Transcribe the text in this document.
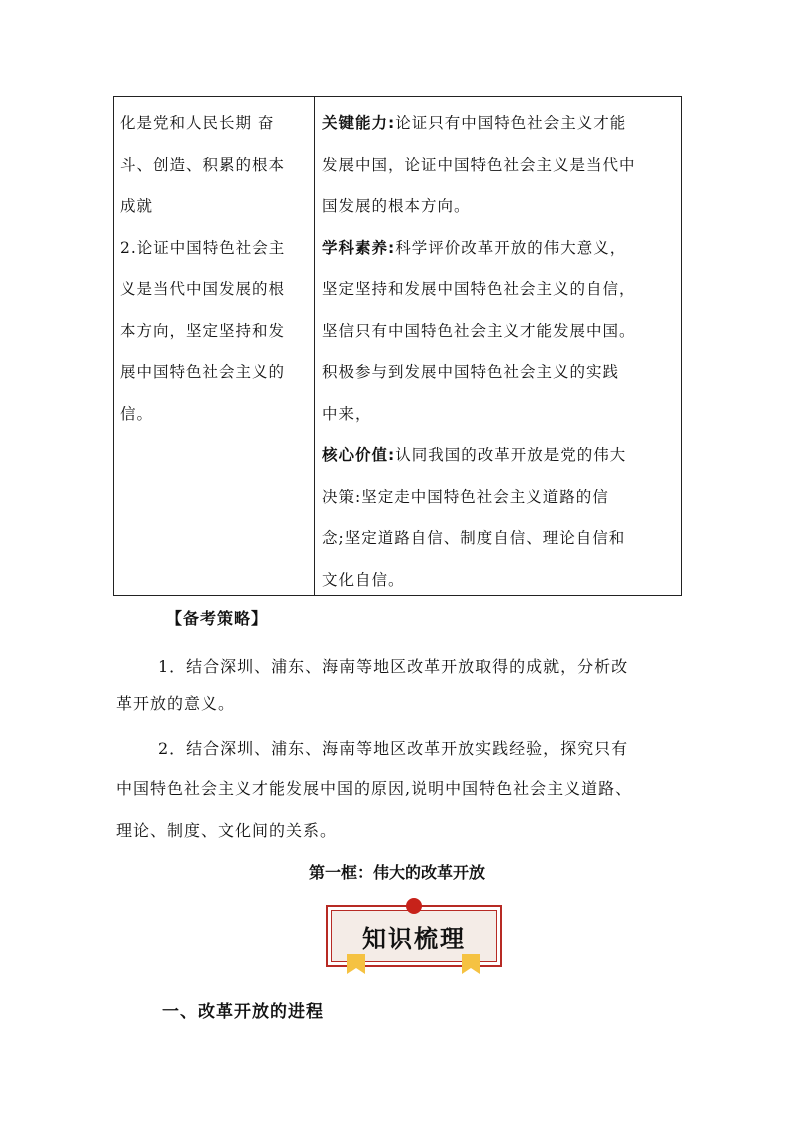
化是党和人民长期 奋
斗、创造、积累的根本
成就
2.论证中国特色社会主
义是当代中国发展的根
本方向，坚定坚持和发
展中国特色社会主义的
信。
关键能力:论证只有中国特色社会主义才能
发展中国，论证中国特色社会主义是当代中
国发展的根本方向。
学科素养:科学评价改革开放的伟大意义，
坚定坚持和发展中国特色社会主义的自信，
坚信只有中国特色社会主义才能发展中国。
积极参与到发展中国特色社会主义的实践
中来，
核心价值:认同我国的改革开放是党的伟大
决策:坚定走中国特色社会主义道路的信
念;坚定道路自信、制度自信、理论自信和
文化自信。
【备考策略】
1．结合深圳、浦东、海南等地区改革开放取得的成就，分析改
革开放的意义。
2．结合深圳、浦东、海南等地区改革开放实践经验，探究只有
中国特色社会主义才能发展中国的原因,说明中国特色社会主义道路、
理论、制度、文化间的关系。
第一框：伟大的改革开放
知识梳理
一、改革开放的进程
